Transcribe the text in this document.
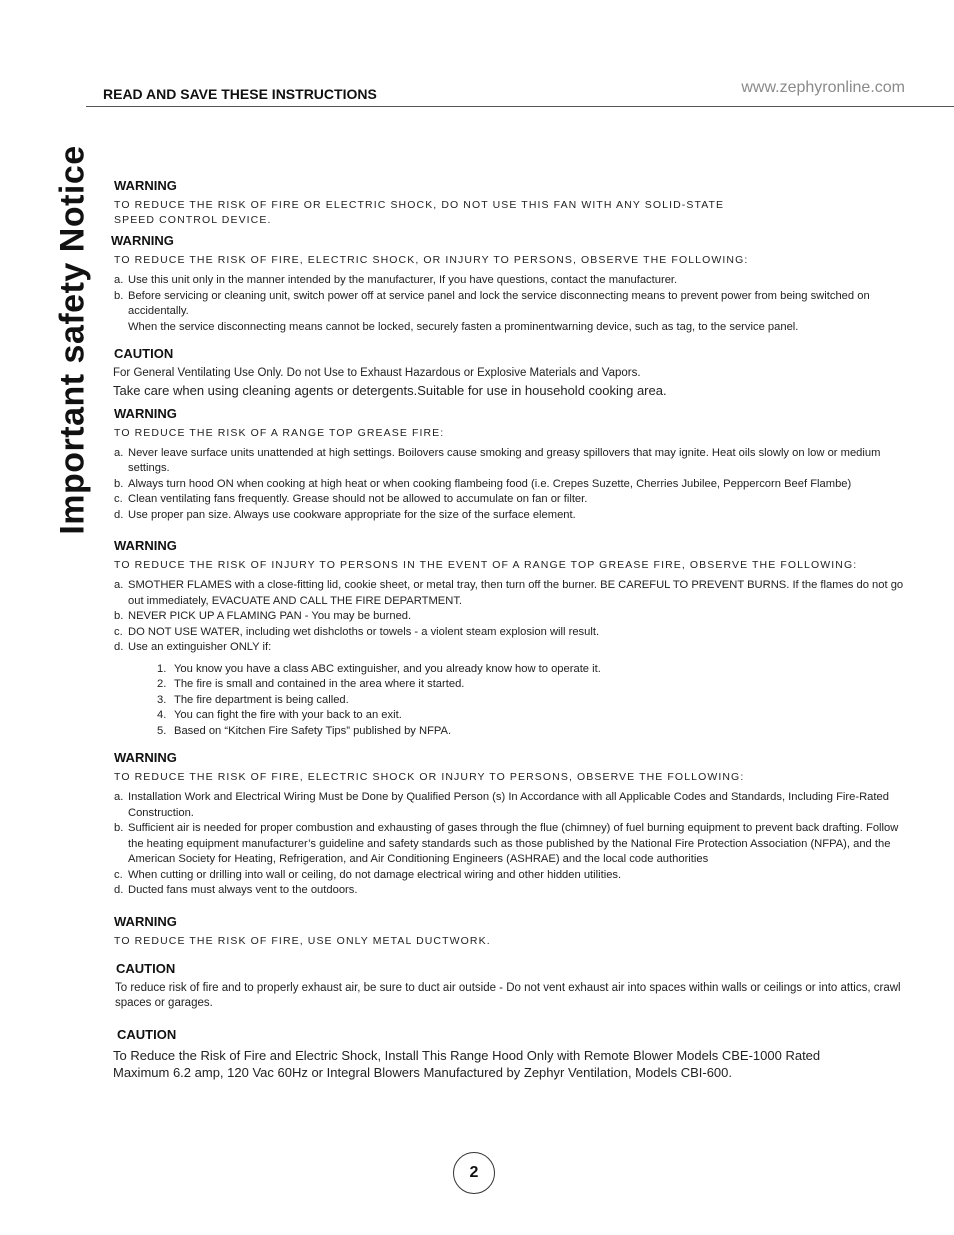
READ AND SAVE THESE INSTRUCTIONS	www.zephyronline.com
Important safety Notice WARNING
TO REDUCE THE RISK OF FIRE OR ELECTRIC SHOCK, DO NOT USE THIS FAN WITH ANY SOLID-STATE SPEED CONTROL DEVICE.
WARNING
TO REDUCE THE RISK OF FIRE, ELECTRIC SHOCK, OR INJURY TO PERSONS, OBSERVE THE FOLLOWING:
a. Use this unit only in the manner intended by the manufacturer, If you have questions, contact the manufacturer.
b. Before servicing or cleaning unit, switch power off at service panel and lock the service disconnecting means to prevent power from being switched on accidentally.
When the service disconnecting means cannot be locked, securely fasten a prominentwarning device, such as tag, to the service panel.
CAUTION
For General Ventilating Use Only. Do not Use to Exhaust Hazardous or Explosive Materials and Vapors.
Take care when using cleaning agents or detergents.Suitable for use in household cooking area.
WARNING
TO REDUCE THE RISK OF A RANGE TOP GREASE FIRE:
a. Never leave surface units unattended at high settings. Boilovers cause smoking and greasy spillovers that may ignite. Heat oils slowly on low or medium settings.
b. Always turn hood ON when cooking at high heat or when cooking flambeing food (i.e. Crepes Suzette, Cherries Jubilee, Peppercorn Beef Flambe)
c. Clean ventilating fans frequently. Grease should not be allowed to accumulate on fan or filter.
d. Use proper pan size. Always use cookware appropriate for the size of the surface element.
WARNING
TO REDUCE THE RISK OF INJURY TO PERSONS IN THE EVENT OF A RANGE TOP GREASE FIRE, OBSERVE THE FOLLOWING:
a. SMOTHER FLAMES with a close-fitting lid, cookie sheet, or metal tray, then turn off the burner. BE CAREFUL TO PREVENT BURNS. If the flames do not go out immediately, EVACUATE AND CALL THE FIRE DEPARTMENT.
b. NEVER PICK UP A FLAMING PAN - You may be burned.
c. DO NOT USE WATER, including wet dishcloths or towels - a violent steam explosion will result.
d. Use an extinguisher ONLY if:
1. You know you have a class ABC extinguisher, and you already know how to operate it.
2. The fire is small and contained in the area where it started.
3. The fire department is being called.
4. You can fight the fire with your back to an exit.
5. Based on “Kitchen Fire Safety Tips” published by NFPA.
WARNING
TO REDUCE THE RISK OF FIRE, ELECTRIC SHOCK OR INJURY TO PERSONS, OBSERVE THE FOLLOWING:
a. Installation Work and Electrical Wiring Must be Done by Qualified Person (s) In Accordance with all Applicable Codes and Standards, Including Fire-Rated Construction.
b. Sufficient air is needed for proper combustion and exhausting of gases through the flue (chimney) of fuel burning equipment to prevent back drafting. Follow the heating equipment manufacturer’s guideline and safety standards such as those published by the National Fire Protection Association (NFPA), and the American Society for Heating, Refrigeration, and Air Conditioning Engineers (ASHRAE) and the local code authorities
c. When cutting or drilling into wall or ceiling, do not damage electrical wiring and other hidden utilities.
d. Ducted fans must always vent to the outdoors.
WARNING
TO REDUCE THE RISK OF FIRE, USE ONLY METAL DUCTWORK.
CAUTION
To reduce risk of fire and to properly exhaust air, be sure to duct air outside - Do not vent exhaust air into spaces within walls or ceilings or into attics, crawl spaces or garages.
CAUTION
To Reduce the Risk of Fire and Electric Shock, Install This Range Hood Only with Remote Blower Models CBE-1000 Rated Maximum 6.2 amp, 120 Vac 60Hz or Integral Blowers Manufactured by Zephyr Ventilation, Models CBI-600.
2
